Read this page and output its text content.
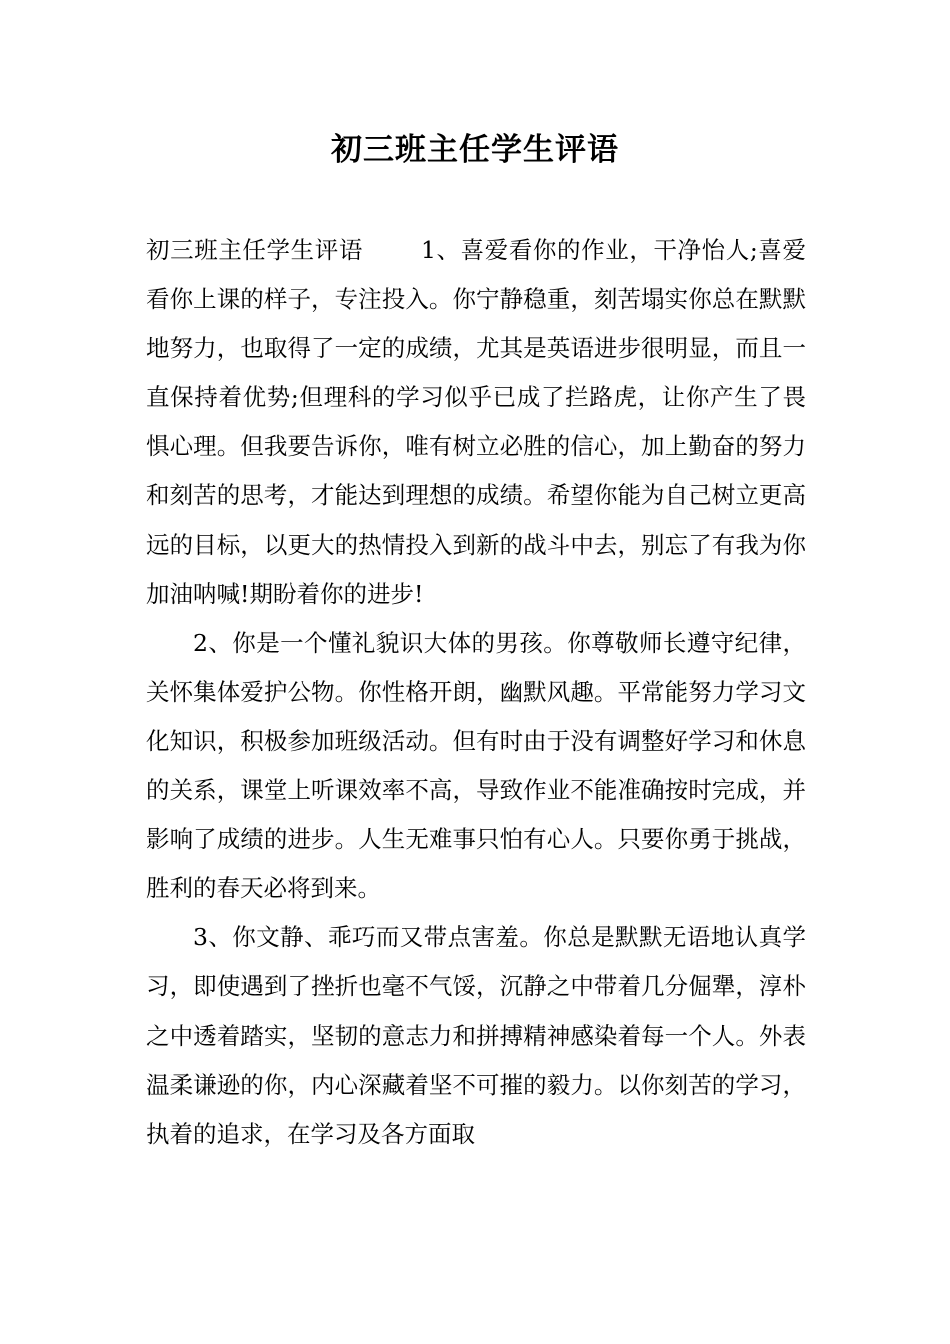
初三班主任学生评语

初三班主任学生评语 1、喜爱看你的作业，干净怡人;喜爱看你上课的样子，专注投入。你宁静稳重，刻苦塌实你总在默默地努力，也取得了一定的成绩，尤其是英语进步很明显，而且一直保持着优势;但理科的学习似乎已成了拦路虎，让你产生了畏惧心理。但我要告诉你，唯有树立必胜的信心，加上勤奋的努力和刻苦的思考，才能达到理想的成绩。希望你能为自己树立更高远的目标，以更大的热情投入到新的战斗中去，别忘了有我为你加油呐喊!期盼着你的进步!

2、你是一个懂礼貌识大体的男孩。你尊敬师长遵守纪律，关怀集体爱护公物。你性格开朗，幽默风趣。平常能努力学习文化知识，积极参加班级活动。但有时由于没有调整好学习和休息的关系，课堂上听课效率不高，导致作业不能准确按时完成，并影响了成绩的进步。人生无难事只怕有心人。只要你勇于挑战，胜利的春天必将到来。

3、你文静、乖巧而又带点害羞。你总是默默无语地认真学习，即使遇到了挫折也毫不气馁，沉静之中带着几分倔犟，淳朴之中透着踏实，坚韧的意志力和拼搏精神感染着每一个人。外表温柔谦逊的你，内心深藏着坚不可摧的毅力。以你刻苦的学习，执着的追求，在学习及各方面取
